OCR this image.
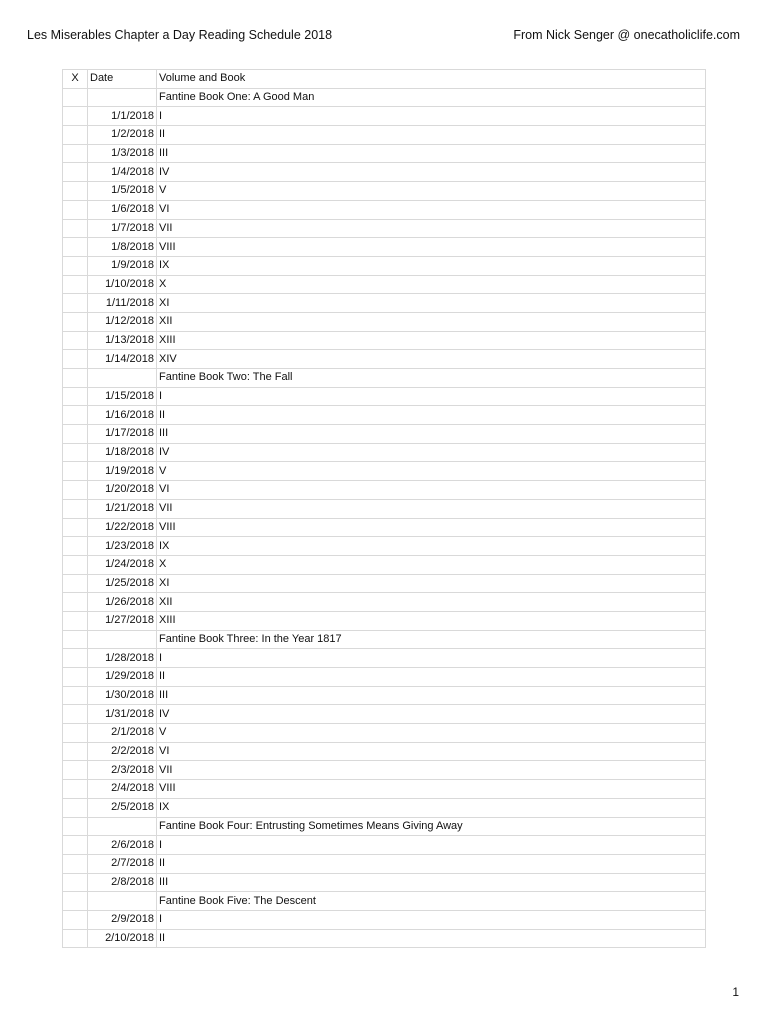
Les Miserables Chapter a Day Reading Schedule 2018	From Nick Senger @ onecatholiclife.com
X	Date	Volume and Book
		Fantine Book One: A Good Man
	1/1/2018	I
	1/2/2018	II
	1/3/2018	III
	1/4/2018	IV
	1/5/2018	V
	1/6/2018	VI
	1/7/2018	VII
	1/8/2018	VIII
	1/9/2018	IX
	1/10/2018	X
	1/11/2018	XI
	1/12/2018	XII
	1/13/2018	XIII
	1/14/2018	XIV
		Fantine Book Two: The Fall
	1/15/2018	I
	1/16/2018	II
	1/17/2018	III
	1/18/2018	IV
	1/19/2018	V
	1/20/2018	VI
	1/21/2018	VII
	1/22/2018	VIII
	1/23/2018	IX
	1/24/2018	X
	1/25/2018	XI
	1/26/2018	XII
	1/27/2018	XIII
		Fantine Book Three: In the Year 1817
	1/28/2018	I
	1/29/2018	II
	1/30/2018	III
	1/31/2018	IV
	2/1/2018	V
	2/2/2018	VI
	2/3/2018	VII
	2/4/2018	VIII
	2/5/2018	IX
		Fantine Book Four: Entrusting Sometimes Means Giving Away
	2/6/2018	I
	2/7/2018	II
	2/8/2018	III
		Fantine Book Five: The Descent
	2/9/2018	I
	2/10/2018	II
1
